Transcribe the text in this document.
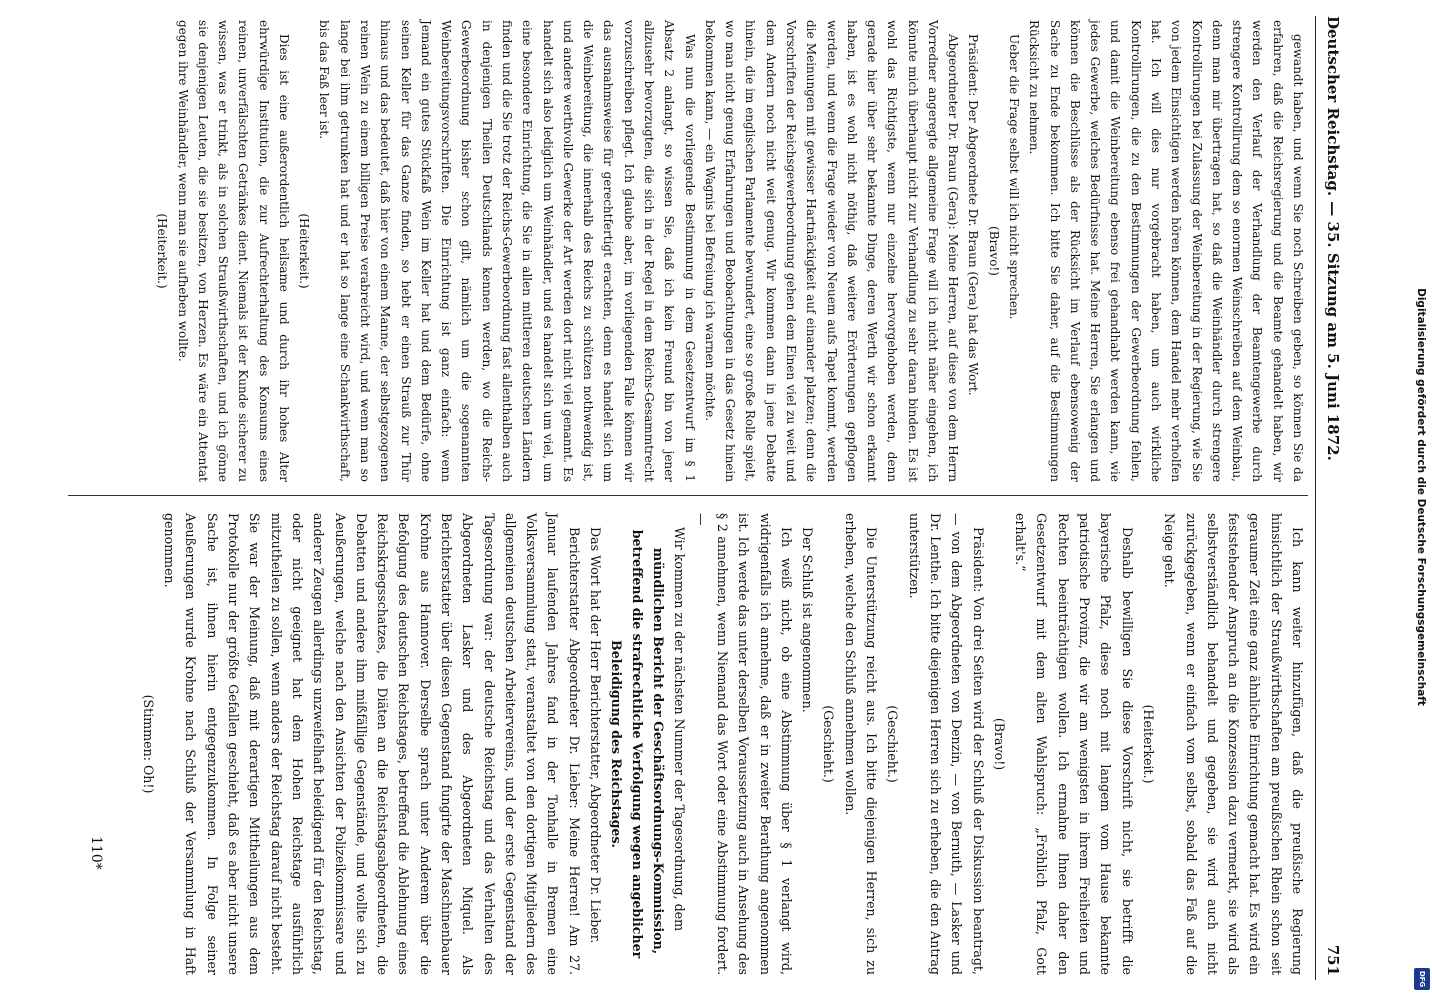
Deutscher Reichstag. — 35. Sitzung am 5. Juni 1872.
751

gewandt haben, und wenn Sie noch Schreiben geben, so können Sie da erfahren, daß die Reichsregierung und die Beamte gehandelt haben, wir werden den Verlauf der Verhandlung der Beamtengewerbe durch strengere Kontrollirung dem so enormen Weinschreiben auf dem Weinbau, denn man mir übertragen hat, so daß die Weinhändler durch strengere Kontrollirungen bei Zulassung der Weinbereitung in der Regierung, wie Sie von jedem Einsichtigen werden hören können, dem Handel mehr verholfen hat. Ich will dies nur vorgebracht haben, um auch wirkliche Kontrollirungen, die zu den Bestimmungen der Gewerbeordnung fehlen, und damit die Weinbereitung ebenso frei gehandhabt werden kann, wie jedes Gewerbe, welches Bedürfnisse hat. Meine Herren, Sie erlangen und können die Beschlüsse als der Rücksicht im Verlauf ebensowenig der Sache zu Ende bekommen. Ich bitte Sie daher, auf die Bestimmungen Rücksicht zu nehmen.

Ueber die Frage selbst will ich nicht sprechen.

(Bravo!)

Präsident: Der Abgeordnete Dr. Braun (Gera) hat das Wort.

Abgeordneter Dr. Braun (Gera): Meine Herren, auf diese von dem Herrn Vorredner angeregte allgemeine Frage will ich nicht näher eingehen, ich könnte mich überhaupt nicht zur Verhandlung zu sehr daran binden. Es ist wohl das Richtigste, wenn nur einzelne hervorgehoben werden, denn gerade hier über sehr bekannte Dinge, deren Werth wir schon erkannt haben, ist es wohl nicht nöthig, daß weitere Erörterungen gepflogen werden, und wenn die Frage wieder von Neuem aufs Tapet kommt, werden die Meinungen mit gewisser Hartnäckigkeit auf einander platzen; denn die Vorschriften der Reichsgewerbeordnung gehen dem Einen viel zu weit und dem Andern noch nicht weit genug. Wir kommen dann in jene Debatte hinein, die im englischen Parlamente bewundert, eine so große Rolle spielt, wo man nicht genug Erfahrungen und Beobachtungen in das Gesetz hinein bekommen kann, — ein Wagnis bei Befreiung ich warnen möchte.

Was nun die vorliegende Bestimmung in dem Gesetzentwurf im § 1 Absatz 2 anlangt, so wissen Sie, daß ich kein Freund bin von jener allzusehr bevorzugten, die sich in der Regel in dem Reichs-Gesammtrecht vorzuschreiben pflegt. Ich glaube aber, im vorliegenden Falle können wir das ausnahmsweise für gerechtfertigt erachten, denn es handelt sich um die Weinbereitung, die innerhalb des Reichs zu schützen nothwendig ist, und andere werthvolle Gewerke der Art werden dort nicht viel genannt. Es handelt sich also lediglich um Weinhändler, und es handelt sich um viel, um eine besondere Einrichtung, die Sie in allen mittleren deutschen Ländern finden und die Sie trotz der Reichs-Gewerbeordnung fast allenthalben auch in denjenigen Theilen Deutschlands kennen werden, wo die Reichs-Gewerbeordnung bisher schon gilt, nämlich um die sogenannten Weinbereitungsvorschriften. Die Einrichtung ist ganz einfach: wenn Jemand ein gutes Stückfaß Wein im Keller hat und dem Bedürfe, ohne seinen Keller für das Ganze finden, so hebt er einen Strauß zur Thür hinaus und das bedeutet, daß hier von einem Manne, der selbstgezogenen reinen Wein zu einem billigen Preise verabreicht wird, und wenn man so lange bei ihm getrunken hat und er hat so lange eine Schankwirthschaft, bis das Faß leer ist.

(Heiterkeit.)

Dies ist eine außerordentlich heilsame und durch ihr hohes Alter ehrwürdige Institution, die zur Aufrechterhaltung des Konsums eines reinen, unverfälschten Getränkes dient. Niemals ist der Kunde sicherer zu wissen, was er trinkt, als in solchen Straußwirthschaften, und ich gönne sie denjenigen Leuten, die sie besitzen, von Herzen. Es wäre ein Attentat gegen ihre Weinhändler, wenn man sie aufheben wollte.

(Heiterkeit.)

Ich kann weiter hinzufügen, daß die preußische Regierung hinsichtlich der Straußwirthschaften am preußischen Rhein schon seit geraumer Zeit eine ganz ähnliche Einrichtung gemacht hat. Es wird ein feststehender Anspruch an die Konzession dazu vermerkt, sie wird als selbstverständlich behandelt und gegeben, sie wird auch nicht zurückgegeben, wenn er einfach vom selbst, sobald das Faß auf die Neige geht.

(Heiterkeit.)

Deshalb bewilligen Sie diese Vorschrift nicht, sie betrifft die bayerische Pfalz, diese noch mit langem vom Hause bekannte patriotische Provinz, die wir am wenigsten in ihrem Freiheiten und Rechten beeinträchtigen wollen. Ich ermahne Ihnen daher den Gesetzentwurf mit dem alten Wahlspruch: „Fröhlich Pfalz, Gott erhalt's.“

(Bravo!)

Präsident: Von drei Seiten wird der Schluß der Diskussion beantragt, — von dem Abgeordneten von Denzin, — von Bernuth, — Lasker und Dr. Lenthe. Ich bitte diejenigen Herren sich zu erheben, die den Antrag unterstützen.

(Geschieht.)

Die Unterstützung reicht aus. Ich bitte diejenigen Herren, sich zu erheben, welche den Schluß annehmen wollen.

(Geschieht.)

Der Schluß ist angenommen.

Ich weiß nicht, ob eine Abstimmung über § 1 verlangt wird, widrigenfalls ich annehme, daß er in zweiter Berathung angenommen ist. Ich werde das unter derselben Voraussetzung auch in Ansehung des § 2 annehmen, wenn Niemand das Wort oder eine Abstimmung fordert. —

Wir kommen zu der nächsten Nummer der Tagesordnung, dem

mündlichen Bericht der Geschäftsordnungs-Kommission, betreffend die strafrechtliche Verfolgung wegen angeblicher Beleidigung des Reichstages.

Das Wort hat der Herr Berichterstatter, Abgeordneter Dr. Lieber.

Berichterstatter Abgeordneter Dr. Lieber: Meine Herren! Am 27. Januar laufenden Jahres fand in der Tonhalle in Bremen eine Volksversammlung statt, veranstaltet von den dortigen Mitgliedern des allgemeinen deutschen Arbeitervereins, und der erste Gegenstand der Tagesordnung war: der deutsche Reichstag und das Verhalten des Abgeordneten Lasker und des Abgeordneten Miquel. Als Berichterstatter über diesen Gegenstand fungirte der Maschinenbauer Krohne aus Hannover. Derselbe sprach unter Anderem über die Befolgung des deutschen Reichstages, betreffend die Ablehnung eines Reichskriegsschatzes, die Diäten an die Reichstagsabgeordneten, die Debatten und andere ihm mißfällige Gegenstände, und wollte sich zu Aeußerungen, welche nach den Ansichten der Polizeikommissare und anderer Zeugen allerdings unzweifelhaft beleidigend für den Reichstag, oder nicht geeignet hat dem Hohen Reichstage ausführlich mitzutheilen zu sollen, wenn anders der Reichstag darauf nicht besteht. Sie war der Meinung, daß mit derartigen Mittheilungen aus dem Protokolle nur der größte Gefallen geschieht, daß es aber nicht unsere Sache ist, ihnen hierin entgegenzukommen. In Folge seiner Aeußerungen wurde Krohne nach Schluß der Versammlung in Haft genommen.

(Stimmen: Oh!)

110*
Digitalisierung gefördert durch die Deutsche Forschungsgemeinschaft
DFG
